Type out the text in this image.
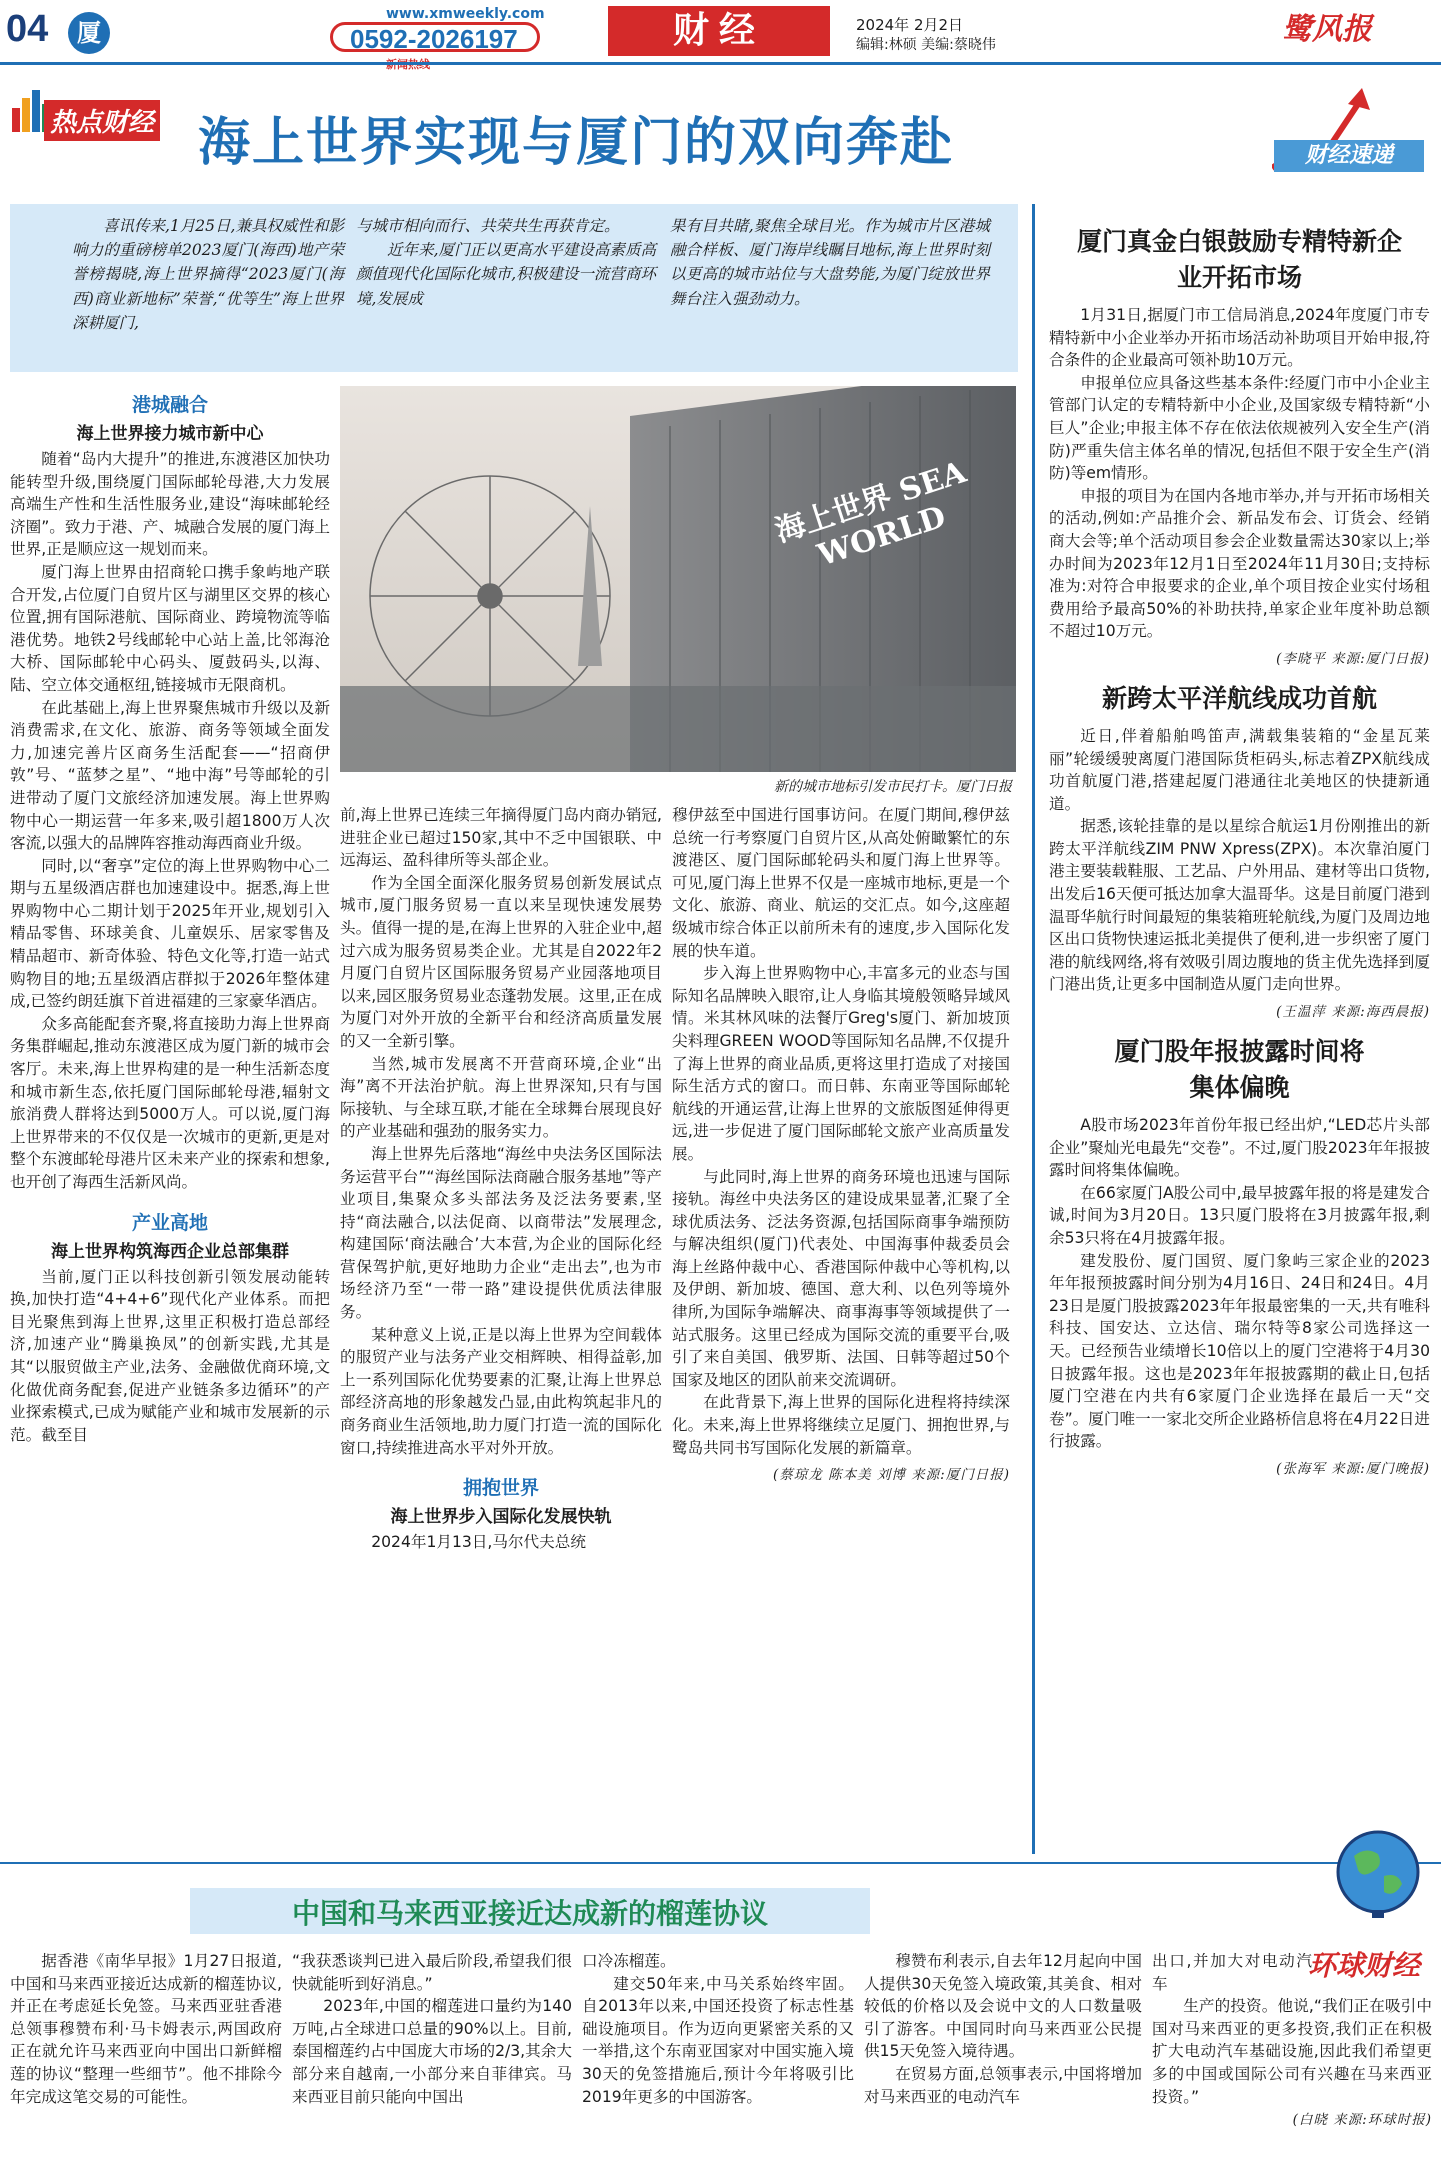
04	厦
www.xmweekly.com
0592-2026197	财经	2024年 2月2日
编辑:林硕 美编:蔡晓伟	鹭风报
热点财经 海上世界实现与厦门的双向奔赴

喜讯传来,1月25日,兼具权威性和影响力的重磅榜单2023厦门(海西)地产荣誉榜揭晓,海上世界摘得“2023厦门(海西)商业新地标”荣誉,“优等生”海上世界深耕厦门,

与城市相向而行、共荣共生再获肯定。

近年来,厦门正以更高水平建设高素质高颜值现代化国际化城市,积极建设一流营商环境,发展成

果有目共睹,聚焦全球目光。作为城市片区港城融合样板、厦门海岸线瞩目地标,海上世界时刻以更高的城市站位与大盘势能,为厦门绽放世界舞台注入强劲动力。

港城融合
海上世界接力城市新中心

随着“岛内大提升”的推进,东渡港区加快功能转型升级,围绕厦门国际邮轮母港,大力发展高端生产性和生活性服务业,建设“海味邮轮经济圈”。致力于港、产、城融合发展的厦门海上世界,正是顺应这一规划而来。

厦门海上世界由招商轮口携手象屿地产联合开发,占位厦门自贸片区与湖里区交界的核心位置,拥有国际港航、国际商业、跨境物流等临港优势。地铁2号线邮轮中心站上盖,比邻海沧大桥、国际邮轮中心码头、厦鼓码头,以海、陆、空立体交通枢纽,链接城市无限商机。

在此基础上,海上世界聚焦城市升级以及新消费需求,在文化、旅游、商务等领域全面发力,加速完善片区商务生活配套——“招商伊敦”号、“蓝梦之星”、“地中海”号等邮轮的引进带动了厦门文旅经济加速发展。海上世界购物中心一期运营一年多来,吸引超1800万人次客流,以强大的品牌阵容推动海西商业升级。

同时,以“奢享”定位的海上世界购物中心二期与五星级酒店群也加速建设中。据悉,海上世界购物中心二期计划于2025年开业,规划引入精品零售、环球美食、儿童娱乐、居家零售及精品超市、新奇体验、特色文化等,打造一站式购物目的地;五星级酒店群拟于2026年整体建成,已签约朗廷旗下首进福建的三家豪华酒店。

众多高能配套齐聚,将直接助力海上世界商务集群崛起,推动东渡港区成为厦门新的城市会客厅。未来,海上世界构建的是一种生活新态度和城市新生态,依托厦门国际邮轮母港,辐射文旅消费人群将达到5000万人。可以说,厦门海上世界带来的不仅仅是一次城市的更新,更是对整个东渡邮轮母港片区未来产业的探索和想象,也开创了海西生活新风尚。

产业高地
海上世界构筑海西企业总部集群

当前,厦门正以科技创新引领发展动能转换,加快打造“4+4+6”现代化产业体系。而把目光聚焦到海上世界,这里正积极打造总部经济,加速产业“腾巢换凤”的创新实践,尤其是其“以服贸做主产业,法务、金融做优商环境,文化做优商务配套,促进产业链条多边循环”的产业探索模式,已成为赋能产业和城市发展新的示范。截至目

海上世界 SEA WORLD
新的城市地标引发市民打卡。厦门日报

前,海上世界已连续三年摘得厦门岛内商办销冠,进驻企业已超过150家,其中不乏中国银联、中远海运、盈科律所等头部企业。

作为全国全面深化服务贸易创新发展试点城市,厦门服务贸易一直以来呈现快速发展势头。值得一提的是,在海上世界的入驻企业中,超过六成为服务贸易类企业。尤其是自2022年2月厦门自贸片区国际服务贸易产业园落地项目以来,园区服务贸易业态蓬勃发展。这里,正在成为厦门对外开放的全新平台和经济高质量发展的又一全新引擎。

当然,城市发展离不开营商环境,企业“出海”离不开法治护航。海上世界深知,只有与国际接轨、与全球互联,才能在全球舞台展现良好的产业基础和强劲的服务实力。

海上世界先后落地“海丝中央法务区国际法务运营平台”“海丝国际法商融合服务基地”等产业项目,集聚众多头部法务及泛法务要素,坚持“商法融合,以法促商、以商带法”发展理念,构建国际‘商法融合’大本营,为企业的国际化经营保驾护航,更好地助力企业“走出去”,也为市场经济乃至“一带一路”建设提供优质法律服务。

某种意义上说,正是以海上世界为空间载体的服贸产业与法务产业交相辉映、相得益彰,加上一系列国际化优势要素的汇聚,让海上世界总部经济高地的形象越发凸显,由此构筑起非凡的商务商业生活领地,助力厦门打造一流的国际化窗口,持续推进高水平对外开放。

拥抱世界
海上世界步入国际化发展快轨

2024年1月13日,马尔代夫总统

穆伊兹至中国进行国事访问。在厦门期间,穆伊兹总统一行考察厦门自贸片区,从高处俯瞰繁忙的东渡港区、厦门国际邮轮码头和厦门海上世界等。可见,厦门海上世界不仅是一座城市地标,更是一个文化、旅游、商业、航运的交汇点。如今,这座超级城市综合体正以前所未有的速度,步入国际化发展的快车道。

步入海上世界购物中心,丰富多元的业态与国际知名品牌映入眼帘,让人身临其境般领略异域风情。米其林风味的法餐厅Greg's厦门、新加坡顶尖料理GREEN WOOD等国际知名品牌,不仅提升了海上世界的商业品质,更将这里打造成了对接国际生活方式的窗口。而日韩、东南亚等国际邮轮航线的开通运营,让海上世界的文旅版图延伸得更远,进一步促进了厦门国际邮轮文旅产业高质量发展。

与此同时,海上世界的商务环境也迅速与国际接轨。海丝中央法务区的建设成果显著,汇聚了全球优质法务、泛法务资源,包括国际商事争端预防与解决组织(厦门)代表处、中国海事仲裁委员会海上丝路仲裁中心、香港国际仲裁中心等机构,以及伊朗、新加坡、德国、意大利、以色列等境外律所,为国际争端解决、商事海事等领域提供了一站式服务。这里已经成为国际交流的重要平台,吸引了来自美国、俄罗斯、法国、日韩等超过50个国家及地区的团队前来交流调研。

在此背景下,海上世界的国际化进程将持续深化。未来,海上世界将继续立足厦门、拥抱世界,与鹭岛共同书写国际化发展的新篇章。

(蔡琼龙 陈本美 刘博 来源:厦门日报)
财经速递
厦门真金白银鼓励专精特新企业开拓市场

1月31日,据厦门市工信局消息,2024年度厦门市专精特新中小企业举办开拓市场活动补助项目开始申报,符合条件的企业最高可领补助10万元。

申报单位应具备这些基本条件:经厦门市中小企业主管部门认定的专精特新中小企业,及国家级专精特新“小巨人”企业;申报主体不存在依法依规被列入安全生产(消防)严重失信主体名单的情况,包括但不限于安全生产(消防)等em情形。

申报的项目为在国内各地市举办,并与开拓市场相关的活动,例如:产品推介会、新品发布会、订货会、经销商大会等;单个活动项目参会企业数量需达30家以上;举办时间为2023年12月1日至2024年11月30日;支持标准为:对符合申报要求的企业,单个项目按企业实付场租费用给予最高50%的补助扶持,单家企业年度补助总额不超过10万元。

(李晓平 来源:厦门日报)
新跨太平洋航线成功首航

近日,伴着船舶鸣笛声,满载集装箱的“金星瓦莱丽”轮缓缓驶离厦门港国际货柜码头,标志着ZPX航线成功首航厦门港,搭建起厦门港通往北美地区的快捷新通道。

据悉,该轮挂靠的是以星综合航运1月份刚推出的新跨太平洋航线ZIM PNW Xpress(ZPX)。本次靠泊厦门港主要装载鞋服、工艺品、户外用品、建材等出口货物,出发后16天便可抵达加拿大温哥华。这是目前厦门港到温哥华航行时间最短的集装箱班轮航线,为厦门及周边地区出口货物快速运抵北美提供了便利,进一步织密了厦门港的航线网络,将有效吸引周边腹地的货主优先选择到厦门港出货,让更多中国制造从厦门走向世界。

(王温萍 来源:海西晨报)
厦门股年报披露时间将集体偏晚

A股市场2023年首份年报已经出炉,“LED芯片头部企业”聚灿光电最先“交卷”。不过,厦门股2023年年报披露时间将集体偏晚。

在66家厦门A股公司中,最早披露年报的将是建发合诚,时间为3月20日。13只厦门股将在3月披露年报,剩余53只将在4月披露年报。

建发股份、厦门国贸、厦门象屿三家企业的2023年年报预披露时间分别为4月16日、24日和24日。4月23日是厦门股披露2023年年报最密集的一天,共有唯科科技、国安达、立达信、瑞尔特等8家公司选择这一天。已经预告业绩增长10倍以上的厦门空港将于4月30日披露年报。这也是2023年年报披露期的截止日,包括厦门空港在内共有6家厦门企业选择在最后一天“交卷”。厦门唯一一家北交所企业路桥信息将在4月22日进行披露。

(张海军 来源:厦门晚报)
中国和马来西亚接近达成新的榴莲协议
环球财经

据香港《南华早报》1月27日报道,中国和马来西亚接近达成新的榴莲协议,并正在考虑延长免签。马来西亚驻香港总领事穆赞布利·马卡姆表示,两国政府正在就允许马来西亚向中国出口新鲜榴莲的协议“整理一些细节”。他不排除今年完成这笔交易的可能性。

“我获悉谈判已进入最后阶段,希望我们很快就能听到好消息。”

2023年,中国的榴莲进口量约为140万吨,占全球进口总量的90%以上。目前,泰国榴莲约占中国庞大市场的2/3,其余大部分来自越南,一小部分来自菲律宾。马来西亚目前只能向中国出

口冷冻榴莲。

建交50年来,中马关系始终牢固。自2013年以来,中国还投资了标志性基础设施项目。作为迈向更紧密关系的又一举措,这个东南亚国家对中国实施入境30天的免签措施后,预计今年将吸引比2019年更多的中国游客。

穆赞布利表示,自去年12月起向中国人提供30天免签入境政策,其美食、相对较低的价格以及会说中文的人口数量吸引了游客。中国同时向马来西亚公民提供15天免签入境待遇。

在贸易方面,总领事表示,中国将增加对马来西亚的电动汽车

出口,并加大对电动汽车

生产的投资。他说,“我们正在吸引中国对马来西亚的更多投资,我们正在积极扩大电动汽车基础设施,因此我们希望更多的中国或国际公司有兴趣在马来西亚投资。”

(白晓 来源:环球时报)
